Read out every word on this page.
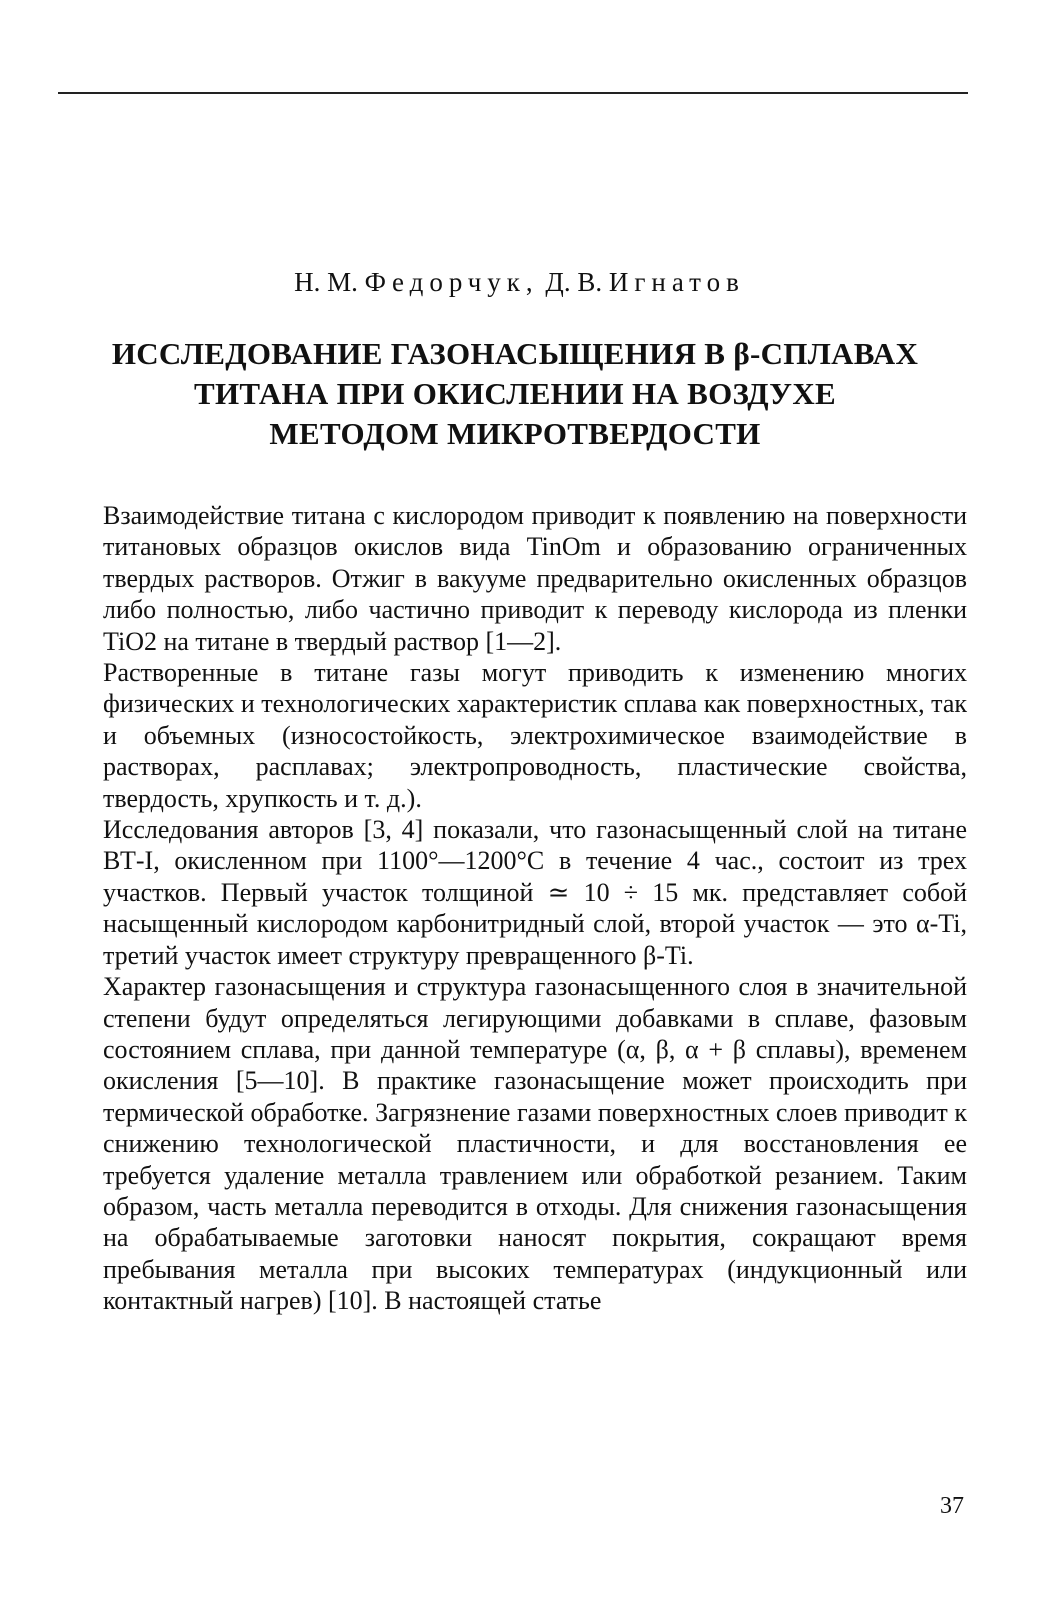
Н. М. Федорчук, Д. В. Игнатов
ИССЛЕДОВАНИЕ ГАЗОНАСЫЩЕНИЯ В β-СПЛАВАХ
ТИТАНА ПРИ ОКИСЛЕНИИ НА ВОЗДУХЕ
МЕТОДОМ МИКРОТВЕРДОСТИ

Взаимодействие титана с кислородом приводит к появлению на поверхности титановых образцов окислов вида TinOm и образованию ограниченных твердых растворов. Отжиг в вакууме предварительно окисленных образцов либо полностью, либо частично приводит к переводу кислорода из пленки TiO2 на титане в твердый раствор [1—2].

Растворенные в титане газы могут приводить к изменению многих физических и технологических характеристик сплава как поверхностных, так и объемных (износостойкость, электрохимическое взаимодействие в растворах, расплавах; электропроводность, пластические свойства, твердость, хрупкость и т. д.).

Исследования авторов [3, 4] показали, что газонасыщенный слой на титане ВТ-I, окисленном при 1100°—1200°С в течение 4 час., состоит из трех участков. Первый участок толщиной ≃ 10 ÷ 15 мк. представляет собой насыщенный кислородом карбонитридный слой, второй участок — это α-Ti, третий участок имеет структуру превращенного β-Ti.

Характер газонасыщения и структура газонасыщенного слоя в значительной степени будут определяться легирующими добавками в сплаве, фазовым состоянием сплава, при данной температуре (α, β, α + β сплавы), временем окисления [5—10]. В практике газонасыщение может происходить при термической обработке. Загрязнение газами поверхностных слоев приводит к снижению технологической пластичности, и для восстановления ее требуется удаление металла травлением или обработкой резанием. Таким образом, часть металла переводится в отходы. Для снижения газонасыщения на обрабатываемые заготовки наносят покрытия, сокращают время пребывания металла при высоких температурах (индукционный или контактный нагрев) [10]. В настоящей статье

37
